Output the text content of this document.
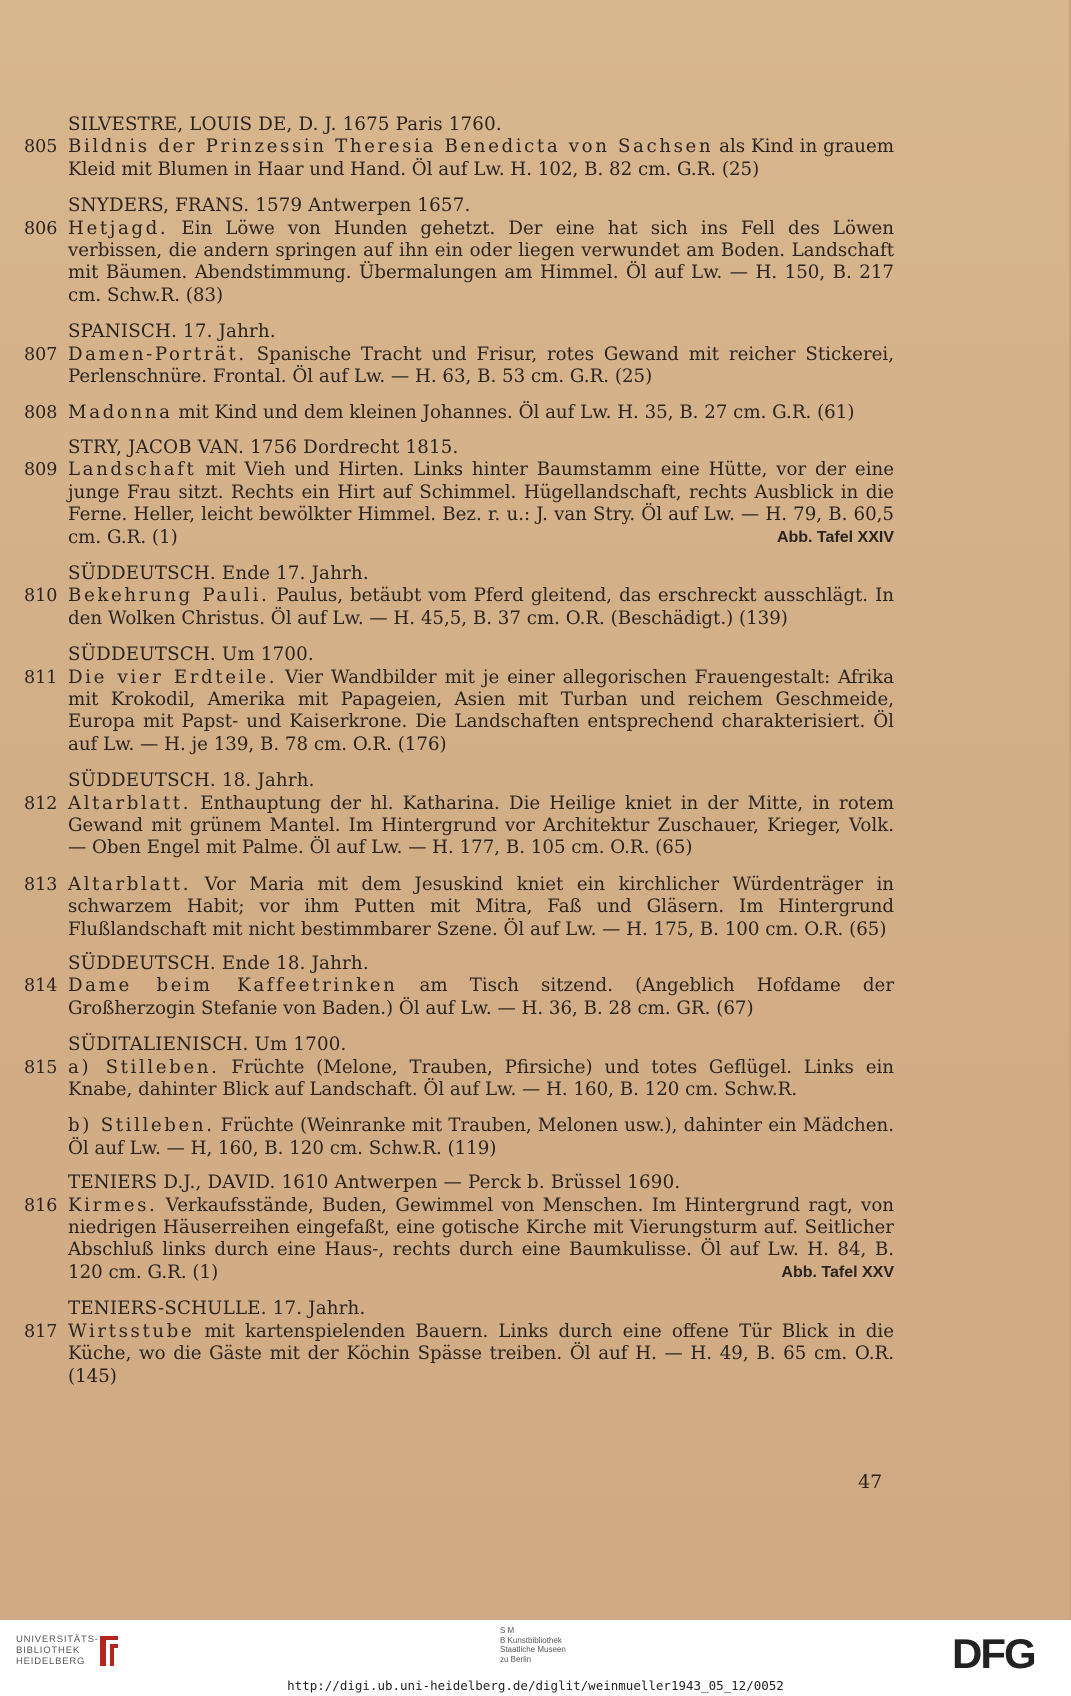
SILVESTRE, LOUIS DE, D. J. 1675 Paris 1760.
805 Bildnis der Prinzessin Theresia Benedicta von Sachsen als Kind in grauem Kleid mit Blumen in Haar und Hand. Öl auf Lw. H. 102, B. 82 cm. G.R. (25)
SNYDERS, FRANS. 1579 Antwerpen 1657.
806 Hetjagd. Ein Löwe von Hunden gehetzt. Der eine hat sich ins Fell des Löwen verbissen, die andern springen auf ihn ein oder liegen verwundet am Boden. Landschaft mit Bäumen. Abendstimmung. Übermalungen am Himmel. Öl auf Lw. — H. 150, B. 217 cm. Schw.R. (83)
SPANISCH. 17. Jahrh.
807 Damen-Porträt. Spanische Tracht und Frisur, rotes Gewand mit reicher Stickerei, Perlenschnüre. Frontal. Öl auf Lw. — H. 63, B. 53 cm. G.R. (25)
808 Madonna mit Kind und dem kleinen Johannes. Öl auf Lw. H. 35, B. 27 cm. G.R. (61)
STRY, JACOB VAN. 1756 Dordrecht 1815.
809 Landschaft mit Vieh und Hirten. Links hinter Baumstamm eine Hütte, vor der eine junge Frau sitzt. Rechts ein Hirt auf Schimmel. Hügellandschaft, rechts Ausblick in die Ferne. Heller, leicht bewölkter Himmel. Bez. r. u.: J. van Stry. Öl auf Lw. — H. 79, B. 60,5 cm. G.R. (1)	Abb. Tafel XXIV
SÜDDEUTSCH. Ende 17. Jahrh.
810 Bekehrung Pauli. Paulus, betäubt vom Pferd gleitend, das erschreckt ausschlägt. In den Wolken Christus. Öl auf Lw. — H. 45,5, B. 37 cm. O.R. (Beschädigt.) (139)
SÜDDEUTSCH. Um 1700.
811 Die vier Erdteile. Vier Wandbilder mit je einer allegorischen Frauengestalt: Afrika mit Krokodil, Amerika mit Papageien, Asien mit Turban und reichem Geschmeide, Europa mit Papst- und Kaiserkrone. Die Landschaften entsprechend charakterisiert. Öl auf Lw. — H. je 139, B. 78 cm. O.R. (176)
SÜDDEUTSCH. 18. Jahrh.
812 Altarblatt. Enthauptung der hl. Katharina. Die Heilige kniet in der Mitte, in rotem Gewand mit grünem Mantel. Im Hintergrund vor Architektur Zuschauer, Krieger, Volk. — Oben Engel mit Palme. Öl auf Lw. — H. 177, B. 105 cm. O.R. (65)
813 Altarblatt. Vor Maria mit dem Jesuskind kniet ein kirchlicher Würdenträger in schwarzem Habit; vor ihm Putten mit Mitra, Faß und Gläsern. Im Hintergrund Flußlandschaft mit nicht bestimmbarer Szene. Öl auf Lw. — H. 175, B. 100 cm. O.R. (65)
SÜDDEUTSCH. Ende 18. Jahrh.
814 Dame beim Kaffeetrinken am Tisch sitzend. (Angeblich Hofdame der Großherzogin Stefanie von Baden.) Öl auf Lw. — H. 36, B. 28 cm. GR. (67)
SÜDITALIENISCH. Um 1700.
815 a) Stilleben. Früchte (Melone, Trauben, Pfirsiche) und totes Geflügel. Links ein Knabe, dahinter Blick auf Landschaft. Öl auf Lw. — H. 160, B. 120 cm. Schw.R.
b) Stilleben. Früchte (Weinranke mit Trauben, Melonen usw.), dahinter ein Mädchen. Öl auf Lw. — H, 160, B. 120 cm. Schw.R. (119)
TENIERS D.J., DAVID. 1610 Antwerpen — Perck b. Brüssel 1690.
816 Kirmes. Verkaufsstände, Buden, Gewimmel von Menschen. Im Hintergrund ragt, von niedrigen Häuserreihen eingefaßt, eine gotische Kirche mit Vierungsturm auf. Seitlicher Abschluß links durch eine Haus-, rechts durch eine Baumkulisse. Öl auf Lw. H. 84, B. 120 cm. G.R. (1)	Abb. Tafel XXV
TENIERS-SCHULLE. 17. Jahrh.
817 Wirtsstube mit kartenspielenden Bauern. Links durch eine offene Tür Blick in die Küche, wo die Gäste mit der Köchin Spässe treiben. Öl auf H. — H. 49, B. 65 cm. O.R. (145)
47
UNIVERSITÄTS-
BIBLIOTHEK
HEIDELBERG
S M
B Kunstbibliothek
Staatliche Museen
zu Berlin	DFG
http://digi.ub.uni-heidelberg.de/diglit/weinmueller1943_05_12/0052
